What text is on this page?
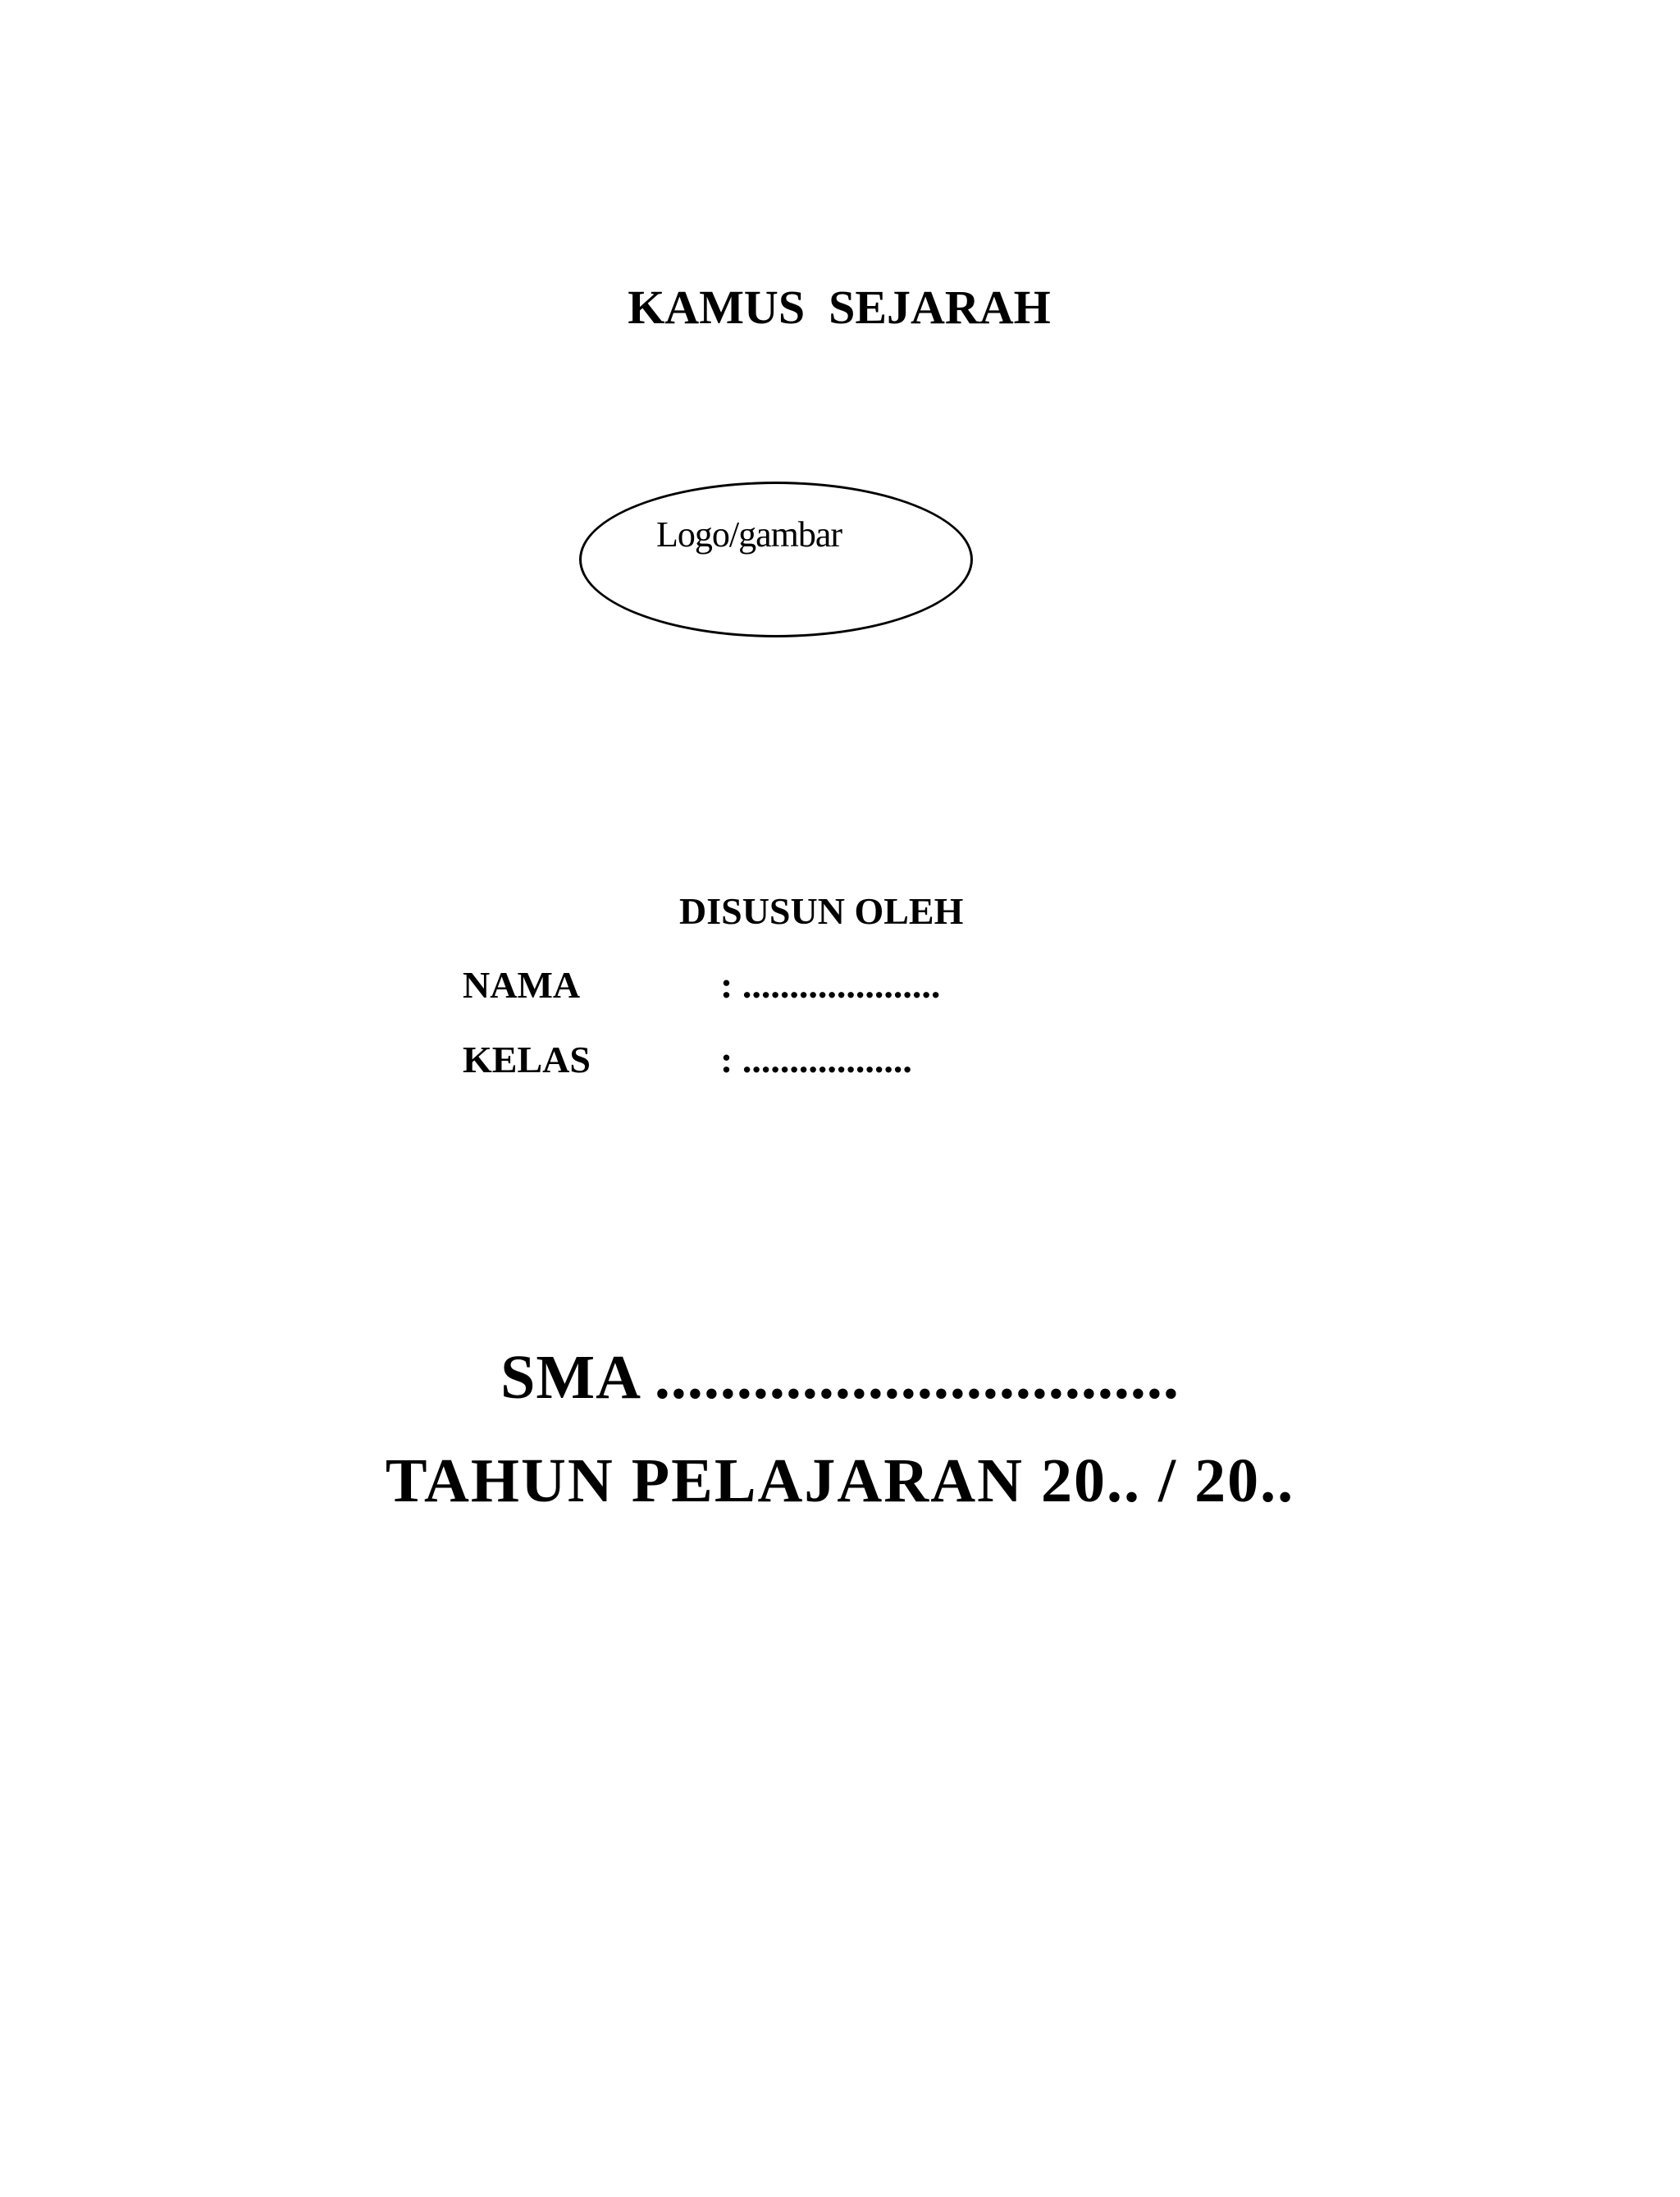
KAMUS  SEJARAH
Logo/gambar
DISUSUN OLEH
NAMA	: .....................
KELAS	: ..................
SMA ................................
TAHUN PELAJARAN 20.. / 20..
